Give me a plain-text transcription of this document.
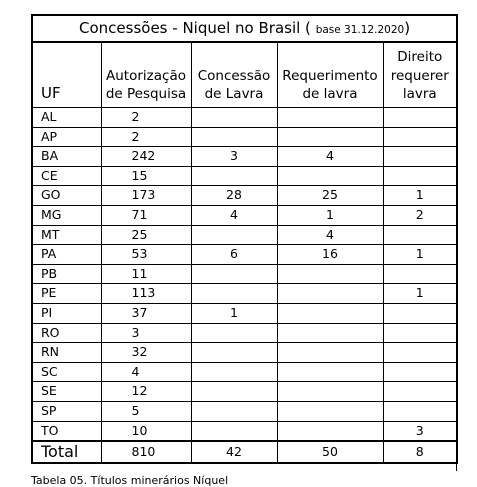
Concessões - Niquel no Brasil ( base 31.12.2020)				
UF	Autorização de Pesquisa	Concessão de Lavra	Requerimento de lavra	Direito requerer lavra
AL	2			
AP	2			
BA	242	3	4	
CE	15			
GO	173	28	25	1
MG	71	4	1	2
MT	25		4	
PA	53	6	16	1
PB	11			
PE	113			1
PI	37	1		
RO	3			
RN	32			
SC	4			
SE	12			
SP	5			
TO	10			3
Total	810	42	50	8
Tabela 05. Títulos minerários Níquel
